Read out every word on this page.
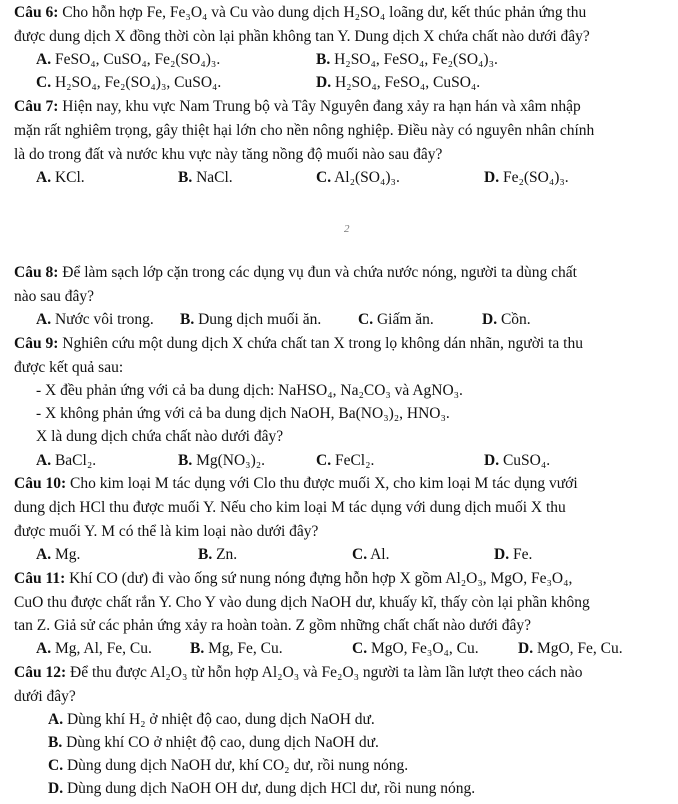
Câu 6: Cho hỗn hợp Fe, Fe₃O₄ và Cu vào dung dịch H₂SO₄ loãng dư, kết thúc phản ứng thu
được dung dịch X đồng thời còn lại phần không tan Y. Dung dịch X chứa chất nào dưới đây?
A. FeSO₄, CuSO₄, Fe₂(SO₄)₃.	B. H₂SO₄, FeSO₄, Fe₂(SO₄)₃.
C. H₂SO₄, Fe₂(SO₄)₃, CuSO₄.	D. H₂SO₄, FeSO₄, CuSO₄.
Câu 7: Hiện nay, khu vực Nam Trung bộ và Tây Nguyên đang xảy ra hạn hán và xâm nhập
mặn rất nghiêm trọng, gây thiệt hại lớn cho nền nông nghiệp. Điều này có nguyên nhân chính
là do trong đất và nước khu vực này tăng nồng độ muối nào sau đây?
A. KCl.	B. NaCl.	C. Al₂(SO₄)₃.	D. Fe₂(SO₄)₃.
2
Câu 8: Để làm sạch lớp cặn trong các dụng vụ đun và chứa nước nóng, người ta dùng chất
nào sau đây?
A. Nước vôi trong. B. Dung dịch muối ăn. C. Giấm ăn.	D. Cồn.
Câu 9: Nghiên cứu một dung dịch X chứa chất tan X trong lọ không dán nhãn, người ta thu
được kết quả sau:
- X đều phản ứng với cả ba dung dịch: NaHSO₄, Na₂CO₃ và AgNO₃.
- X không phản ứng với cả ba dung dịch NaOH, Ba(NO₃)₂, HNO₃.
X là dung dịch chứa chất nào dưới đây?
A. BaCl₂.	B. Mg(NO₃)₂.	C. FeCl₂.	D. CuSO₄.
Câu 10: Cho kim loại M tác dụng với Clo thu được muối X, cho kim loại M tác dụng vưới
dung dịch HCl thu được muối Y. Nếu cho kim loại M tác dụng với dung dịch muối X thu
được muối Y. M có thể là kim loại nào dưới đây?
A. Mg.	B. Zn.	C. Al.	D. Fe.
Câu 11: Khí CO (dư) đi vào ống sứ nung nóng đựng hỗn hợp X gồm Al₂O₃, MgO, Fe₃O₄,
CuO thu được chất rắn Y. Cho Y vào dung dịch NaOH dư, khuấy kĩ, thấy còn lại phần không
tan Z. Giả sử các phản ứng xảy ra hoàn toàn. Z gồm những chất chất nào dưới đây?
A. Mg, Al, Fe, Cu. B. Mg, Fe, Cu.	C. MgO, Fe₃O₄, Cu.	D. MgO, Fe, Cu.
Câu 12: Để thu được Al₂O₃ từ hỗn hợp Al₂O₃ và Fe₂O₃ người ta làm lần lượt theo cách nào
dưới đây?
A. Dùng khí H₂ ở nhiệt độ cao, dung dịch NaOH dư.
B. Dùng khí CO ở nhiệt độ cao, dung dịch NaOH dư.
C. Dùng dung dịch NaOH dư, khí CO₂ dư, rồi nung nóng.
D. Dùng dung dịch NaOH OH dư, dung dịch HCl dư, rồi nung nóng.
